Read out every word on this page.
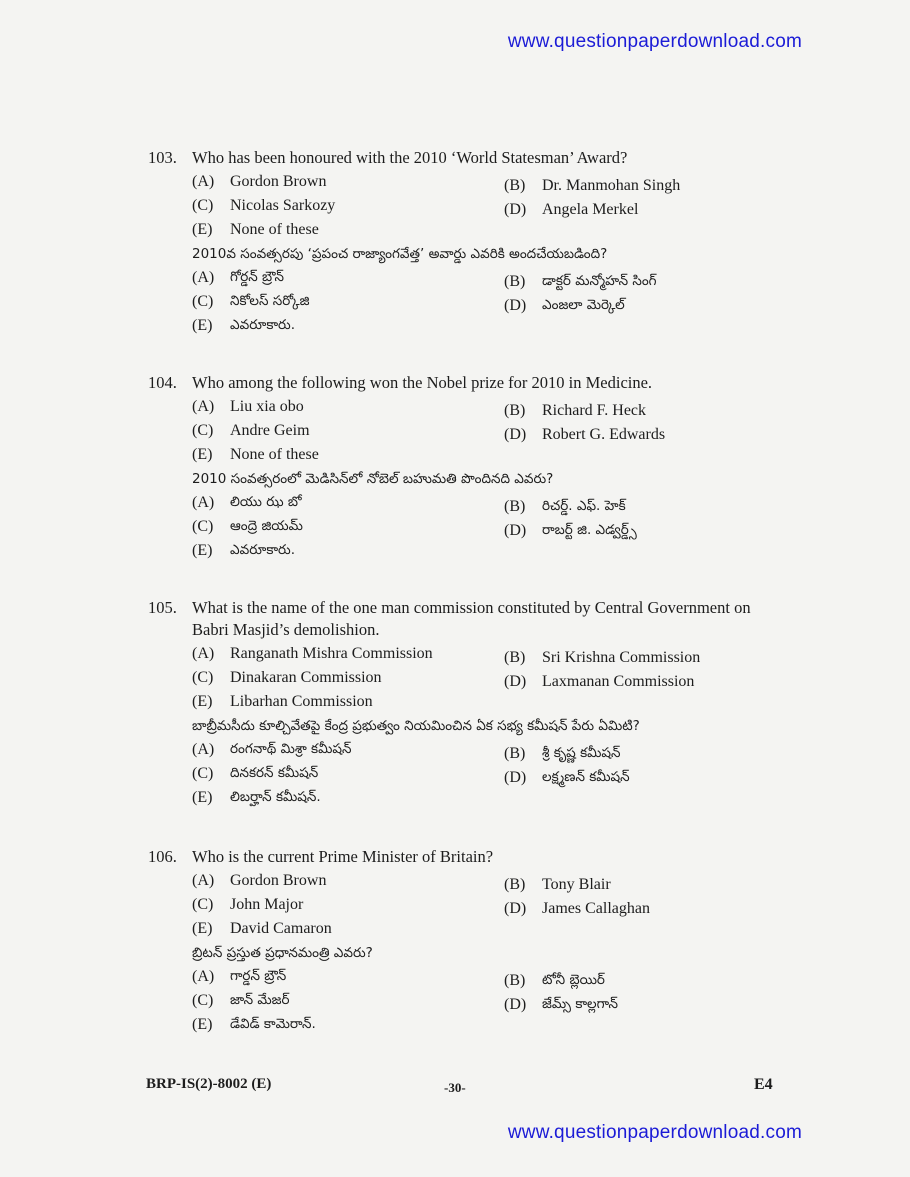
www.questionpaperdownload.com
103. Who has been honoured with the 2010 ‘World Statesman’ Award?
(A) Gordon Brown	(B)	Dr. Manmohan Singh
(C)	Nicolas Sarkozy	(D) Angela Merkel
(E)	None of these
2010వ సంవత్సరపు ‘ప్రపంచ రాజ్యాంగవేత్త’ అవార్డు ఎవరికి అందచేయబడింది?
(A)	గోర్డన్ బ్రౌన్	(B)	డాక్టర్ మన్మోహన్ సింగ్
(C)	నికోలస్ సర్కోజి	(D)	ఎంజలా మెర్కెల్
(E)	ఎవరూకారు.
104. Who among the following won the Nobel prize for 2010 in Medicine.
(A) Liu xia obo	(B)	Richard F. Heck
(C)	Andre Geim	(D) Robert G. Edwards
(E)	None of these
2010 సంవత్సరంలో మెడిసిన్‌లో నోబెల్ బహుమతి పొందినది ఎవరు?
(A)	లియు ఝ బో	(B)	రిచర్డ్. ఎఫ్. హెక్
(C)	ఆంద్రె జియమ్	(D)	రాబర్ట్ జి. ఎడ్వర్డ్స్
(E)	ఎవరూకారు.
105. What is the name of the one man commission constituted by Central Government on Babri Masjid’s demolishion.
(A) Ranganath Mishra Commission	(B)	Sri Krishna Commission
(C)	Dinakaran Commission	(D) Laxmanan Commission
(E)	Libarhan Commission
బాబ్రీమసీదు కూల్చివేతపై కేంద్ర ప్రభుత్వం నియమించిన ఏక సభ్య కమీషన్ పేరు ఏమిటి?
(A)	రంగనాథ్ మిశ్రా కమీషన్	(B)	శ్రీ కృష్ణ కమీషన్
(C)	దినకరన్ కమీషన్	(D)	లక్ష్మణన్ కమీషన్
(E)	లిబర్హాన్ కమీషన్.
106. Who is the current Prime Minister of Britain?
(A) Gordon Brown	(B)	Tony Blair
(C)	John Major	(D) James Callaghan
(E)	David Camaron
బ్రిటన్ ప్రస్తుత ప్రధానమంత్రి ఎవరు?
(A)	గార్డన్ బ్రౌన్	(B)	టోనీ బ్లెయిర్
(C)	జాన్ మేజర్	(D)	జేమ్స్ కాల్లగాన్
(E)	డేవిడ్ కామెరాన్.
BRP-IS(2)-8002 (E)	-30-	E4
www.questionpaperdownload.com
